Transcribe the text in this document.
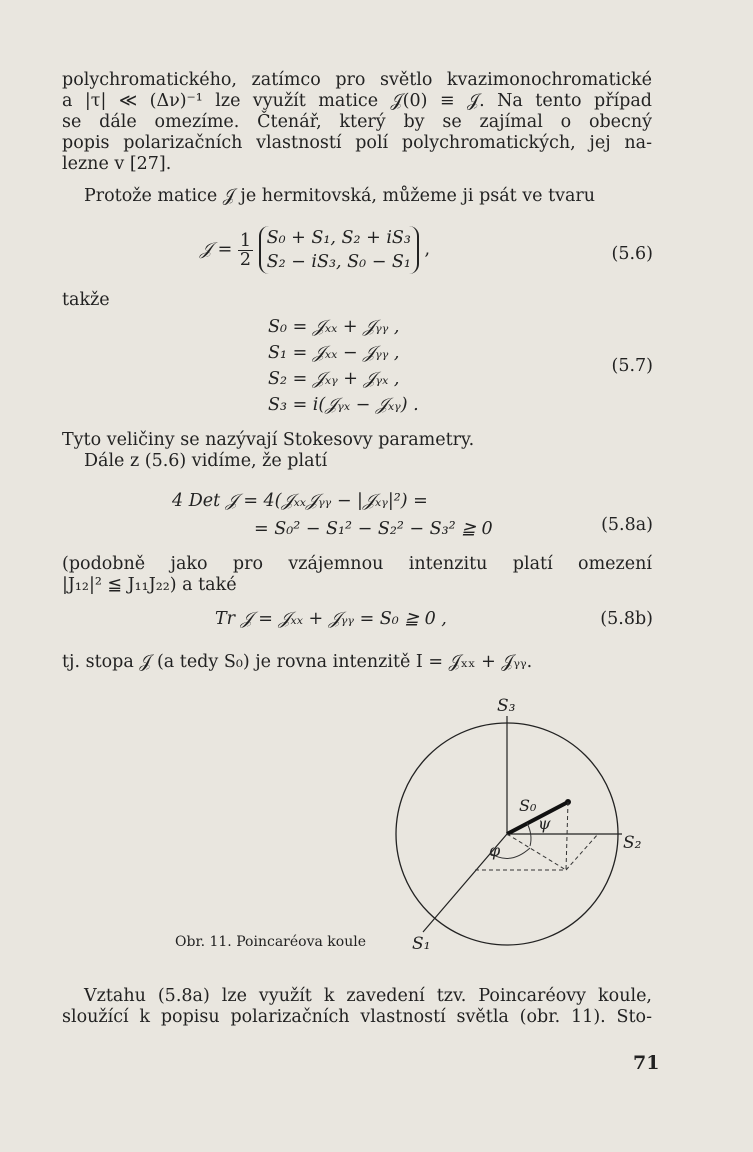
polychromatického, zatímco pro světlo kvazimonochromatické
a |τ| ≪ (Δν)⁻¹ lze využít matice 𝒥(0) ≡ 𝒥. Na tento případ
se dále omezíme. Čtenář, který by se zajímal o obecný
popis polarizačních vlastností polí polychromatických, jej na-
lezne v [27].
Protože matice 𝒥 je hermitovská, můžeme ji psát ve tvaru
𝒥 = $\frac{1}{2}$
S₀ + S₁, S₂ + iS₃
S₂ − iS₃, S₀ − S₁
,	(5.6)
takže
S₀ = 𝒥ₓₓ + 𝒥ᵧᵧ ,
S₁ = 𝒥ₓₓ − 𝒥ᵧᵧ ,
S₂ = 𝒥ₓᵧ + 𝒥ᵧₓ ,
S₃ = i(𝒥ᵧₓ − 𝒥ₓᵧ) .
(5.7)
Tyto veličiny se nazývají Stokesovy parametry.
Dále z (5.6) vidíme, že platí
4 Det 𝒥 = 4(𝒥ₓₓ𝒥ᵧᵧ − |𝒥ₓᵧ|²) =
= S₀² − S₁² − S₂² − S₃² ≧ 0	(5.8a)
(podobně jako pro vzájemnou intenzitu platí omezení
|J₁₂|² ≦ J₁₁J₂₂) a také
Tr 𝒥 = 𝒥ₓₓ + 𝒥ᵧᵧ = S₀ ≧ 0 ,	(5.8b)
tj. stopa 𝒥 (a tedy S₀) je rovna intenzitě I = 𝒥ₓₓ + 𝒥ᵧᵧ.
S₃
S₂
S₁
S₀
ψ
φ
Obr. 11. Poincaréova koule
Vztahu (5.8a) lze využít k zavedení tzv. Poincaréovy koule,
sloužící k popisu polarizačních vlastností světla (obr. 11). Sto-
71
